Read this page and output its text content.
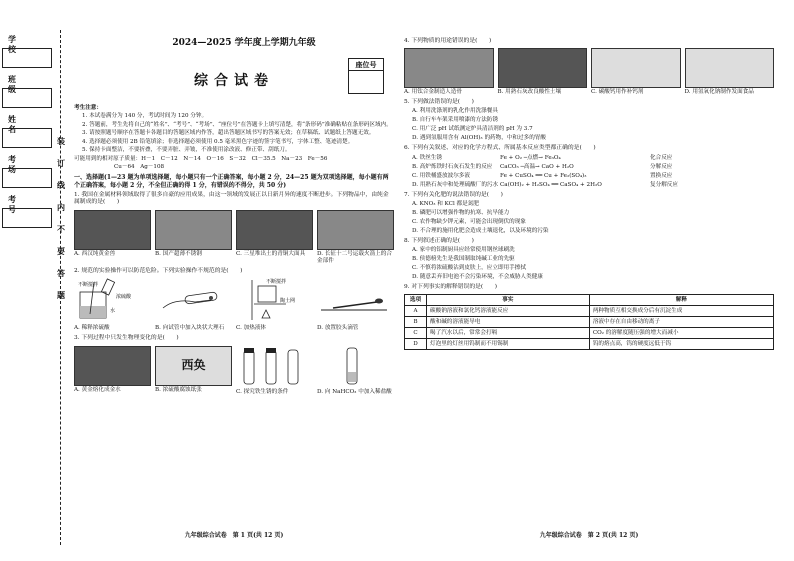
学　校
班　级
姓　名
考　场
考　号
装
订
线
内
不
要
答
题
2024—2025 学年度上学期九年级
综合试卷
座位号

考生注意：

1. 本试卷满分为 140 分，考试时间为 120 分钟。

2. 答题前，考生先将自己的“姓名”、“考号”、“考场”、“座位号”在答题卡上填写清楚，将“条形码”准确粘贴在条形码区域内。

3. 请按照题号顺序在答题卡各题目的答题区域内作答，超出答题区域书写的答案无效；在草稿纸、试题纸上答题无效。

4. 选择题必须使用 2B 铅笔填涂；非选择题必须使用 0.5 毫米黑色字迹的签字笔书写，字体工整、笔迹清楚。

5. 保持卡面整洁，不要折叠，不要弄脏、弄皱，不准使用涂改液、修正带、刮纸刀。

可能用到的相对原子质量：H－1　C－12　N－14　O－16　S－32　Cl－35.5　Na－23　Fe－56

Cu－64　Ag－108

一、选择题(1—23 题为单项选择题，每小题只有一个正确答案，每小题 2 分，24—25 题为双项选择题，每小题有两个正确答案，每小题 2 分，不全但正确的得 1 分，有错误的不得分，共 50 分)
1. 我国在金属材料领域取得了很多自豪的应用成果，由这一领域的发展正以日新月异的速度不断进步。下列物品中，由纯金属制成的是(　　)
A. 西汉纯黄金兽	B. 国产超薄不锈钢	C. 三星堆出土的青铜大面具	D. 长征十二号运载火箭上的合金部件
2. 规范的实验操作可以防范危险。下列实验操作不规范的是(　　)
不断搅拌
浓硫酸
水
A. 稀释浓硫酸	B. 向试管中加入块状大理石
不断搅拌
陶土网
C. 加热液体	D. 放置胶头滴管
3. 下列过程中只发生物理变化的是(　　)
A. 黄金熔化成金水
西奂
B. 浓硫酸腐蚀纸张	C. 探究铁生锈的条件	D. 向 NaHCO₃ 中加入稀盐酸
九年级综合试卷　第 1 页(共 12 页)
4. 下列物质的用途错误的是(　　)
A. 用钛合金制造人造骨	B. 用熟石灰改良酸性土壤	C. 碳酸钙用作补钙剂	D. 用氢氧化钠制作发面食品
5. 下列做法错误的是(　　)
A. 利用洗涤剂的乳化作用洗涤餐具
B. 自行车车架采用喷漆的方法防锈
C. 用广泛 pH 试纸测定炉具清洁剂的 pH 为 3.7
D. 遇到氢服用含有 Al(OH)₃ 的药物，中和过多的胃酸
6. 下列有关叙述、对应的化学方程式、所属基本反应类型都正确的是(　　)
A. 铁丝生锈	Fe + O₂ ─点燃→ Fe₃O₄	化合反应
B. 高炉炼铁时石灰石发生的反应	CaCO₃ ─高温→ CaO + H₂O	分解反应
C. 用铁桶盛放波尔多液	Fe + CuSO₄ ══ Cu + Fe₂(SO₄)₃	置换反应
D. 用熟石灰中和处理硫酸厂的污水 Ca(OH)₂ + H₂SO₄ ══ CaSO₄ + 2H₂O	复分解反应
7. 下列有关化肥的说法错误的是(　　)
A. KNO₃ 和 KCl 都是氮肥
B. 磷肥可以增强作物的抗寒、抗旱能力
C. 农作物缺少钾元素，可能会出现倒伏的现象
D. 不合理的施用化肥会造成土壤退化，以及环境的污染
8. 下列叙述正确的是(　　)
A. 家中的铝制厨具应经常使用钢丝球刷洗
B. 侯德榜先生是我国制取纯碱工业的先驱
C. 不慎将浓硫酸沾到皮肤上，应立即用手擦拭
D. 随意丢弃旧电池不会污染环境，不会威胁人类健康
9. 对下列事实的解释错误的是(　　)
选项	事实	解释
A	碳酸钠溶液和氯化钙溶液能反应	两种物质互相交换成分后有沉淀生成
B	酸和碱的溶液能导电	溶液中存在自由移动的离子
C	喝了汽水以后，常常会打嗝	CO₂ 的溶解度随压强的增大而减小
D	灯泡里的灯丝用钨制而不用锡制	钨的熔点高，钨的硬度远低于钨
九年级综合试卷　第 2 页(共 12 页)
